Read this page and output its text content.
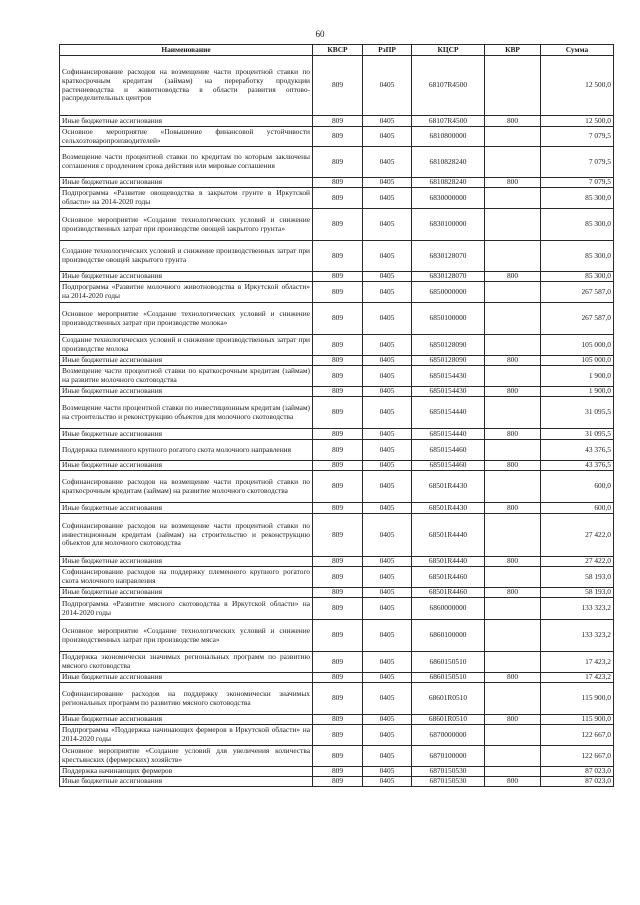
60
Наименование	КВСР	РзПР	КЦСР	КВР	Сумма
Софинансирование расходов на возмещение части процентной ставки по краткосрочным кредитам (займам) на переработку продукции растениеводства и животноводства в области развития оптово-распределительных центров	809	0405	68107R4500		12 500,0
Иные бюджетные ассигнования	809	0405	68107R4500	800	12 500,0
Основное мероприятие «Повышение финансовой устойчивости сельхозтоваропроизводителей»	809	0405	6810800000		7 079,5
Возмещение части процентной ставки по кредитам по которым заключены соглашения с продлением срока действия или мировые соглашения	809	0405	6810828240		7 079,5
Иные бюджетные ассигнования	809	0405	6810828240	800	7 079,5
Подпрограмма «Развитие овощеводства в закрытом грунте в Иркутской области» на 2014-2020 годы	809	0405	6830000000		85 300,0
Основное мероприятие «Создание технологических условий и снижение производственных затрат при производстве овощей закрытого грунта»	809	0405	6830100000		85 300,0
Создание технологических условий и снижение производственных затрат при производстве овощей закрытого грунта	809	0405	6830128070		85 300,0
Иные бюджетные ассигнования	809	0405	6830128070	800	85 300,0
Подпрограмма «Развитие молочного животноводства в Иркутской области» на 2014-2020 годы	809	0405	6850000000		267 587,0
Основное мероприятие «Создание технологических условий и снижение производственных затрат при производстве молока»	809	0405	6850100000		267 587,0
Создание технологических условий и снижение производственных затрат при производстве молока	809	0405	6850128090		105 000,0
Иные бюджетные ассигнования	809	0405	6850128090	800	105 000,0
Возмещение части процентной ставки по краткосрочным кредитам (займам) на развитие молочного скотоводства	809	0405	6850154430		1 900,0
Иные бюджетные ассигнования	809	0405	6850154430	800	1 900,0
Возмещение части процентной ставки по инвестиционным кредитам (займам) на строительство и реконструкцию объектов для молочного скотоводства	809	0405	6850154440		31 095,5
Иные бюджетные ассигнования	809	0405	6850154440	800	31 095,5
Поддержка племенного крупного рогатого скота молочного направления	809	0405	6850154460		43 376,5
Иные бюджетные ассигнования	809	0405	6850154460	800	43 376,5
Софинансирование расходов на возмещение части процентной ставки по краткосрочным кредитам (займам) на развитие молочного скотоводства	809	0405	68501R4430		600,0
Иные бюджетные ассигнования	809	0405	68501R4430	800	600,0
Софинансирование расходов на возмещение части процентной ставки по инвестиционным кредитам (займам) на строительство и реконструкцию объектов для молочного скотоводства	809	0405	68501R4440		27 422,0
Иные бюджетные ассигнования	809	0405	68501R4440	800	27 422,0
Софинансирование расходов на поддержку племенного крупного рогатого скота молочного направления	809	0405	68501R4460		58 193,0
Иные бюджетные ассигнования	809	0405	68501R4460	800	58 193,0
Подпрограмма «Развитие мясного скотоводства в Иркутской области» на 2014-2020 годы	809	0405	6860000000		133 323,2
Основное мероприятие «Создание технологических условий и снижение производственных затрат при производстве мяса»	809	0405	6860100000		133 323,2
Поддержка экономически значимых региональных программ по развитию мясного скотоводства	809	0405	6860150510		17 423,2
Иные бюджетные ассигнования	809	0405	6860150510	800	17 423,2
Софинансирование расходов на поддержку экономически значимых региональных программ по развитию мясного скотоводства	809	0405	68601R0510		115 900,0
Иные бюджетные ассигнования	809	0405	68601R0510	800	115 900,0
Подпрограмма «Поддержка начинающих фермеров в Иркутской области» на 2014-2020 годы	809	0405	6870000000		122 667,0
Основное мероприятие «Создание условий для увеличения количества крестьянских (фермерских) хозяйств»	809	0405	6870100000		122 667,0
Поддержка начинающих фермеров	809	0405	6870150530		87 023,0
Иные бюджетные ассигнования	809	0405	6870150530	800	87 023,0
